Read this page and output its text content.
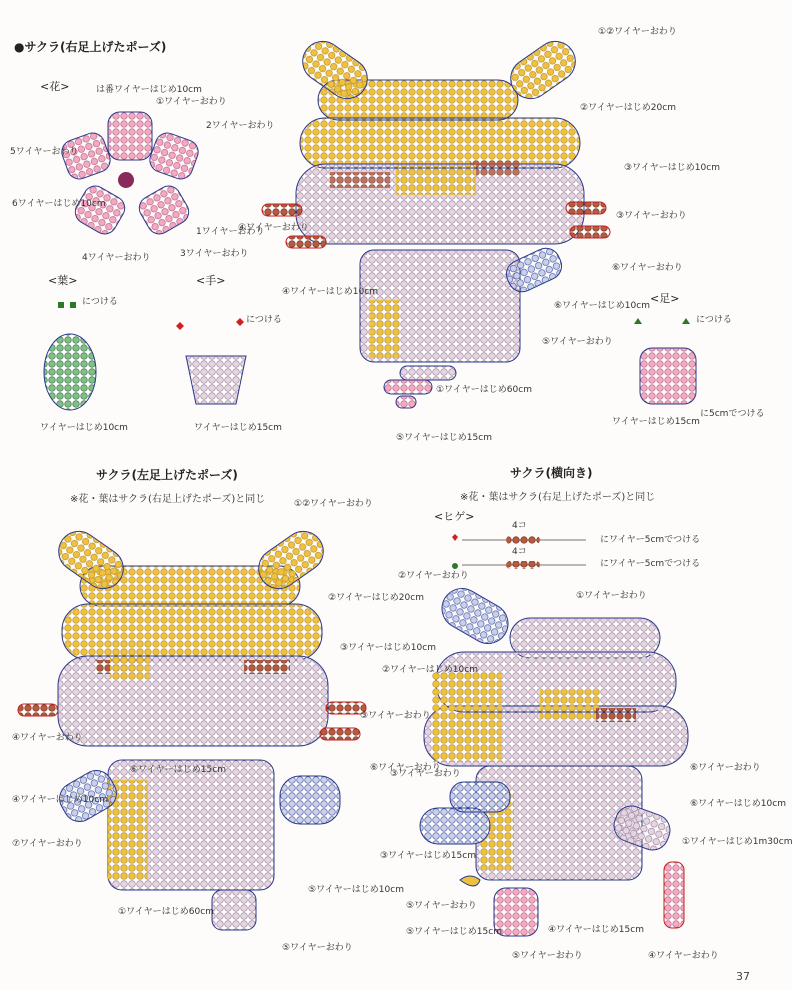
●サクラ(右足上げたポーズ)
<花>
<葉>	<手>
<足>
は番ワイヤーはじめ10cm
①ワイヤーおわり
2ワイヤーおわり
5ワイヤーおわり
6ワイヤーはじめ10cm
4ワイヤーおわり	3ワイヤーおわり
1ワイヤーおわり
につける
ワイヤーはじめ10cm
につける
ワイヤーはじめ15cm
につける
ワイヤーはじめ15cm
に5cmでつける
①②ワイヤーおわり
②ワイヤーはじめ20cm
③ワイヤーはじめ10cm
③ワイヤーおわり
④ワイヤーおわり
⑥ワイヤーおわり
④ワイヤーはじめ10cm
⑥ワイヤーはじめ10cm
⑤ワイヤーおわり
①ワイヤーはじめ60cm
⑤ワイヤーはじめ15cm
サクラ(左足上げたポーズ)
※花・葉はサクラ(右足上げたポーズ)と同じ	①②ワイヤーおわり
②ワイヤーはじめ20cm
③ワイヤーはじめ10cm
③ワイヤーおわり
④ワイヤーおわり
⑥ワイヤーはじめ15cm	⑥ワイヤーおわり
④ワイヤーはじめ10cm
⑦ワイヤーおわり
⑤ワイヤーはじめ10cm
①ワイヤーはじめ60cm
⑤ワイヤーおわり
サクラ(横向き)
※花・葉はサクラ(右足上げたポーズ)と同じ
<ヒゲ>
4コ
にワイヤー5cmでつける
4コ
にワイヤー5cmでつける
②ワイヤーおわり
①ワイヤーおわり
②ワイヤーはじめ10cm
③ワイヤーおわり
⑥ワイヤーおわり
⑥ワイヤーはじめ10cm
③ワイヤーはじめ15cm
①ワイヤーはじめ1m30cm
⑤ワイヤーおわり
⑤ワイヤーはじめ15cm	④ワイヤーはじめ15cm
⑤ワイヤーおわり	④ワイヤーおわり
37
